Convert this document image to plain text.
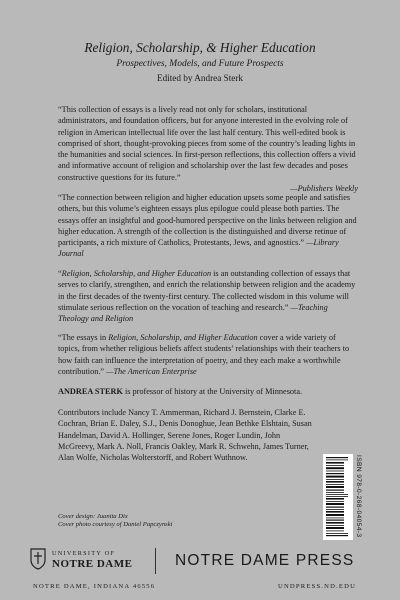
Religion, Scholarship, & Higher Education
Prospectives, Models, and Future Prospects
Edited by Andrea Sterk

“This collection of essays is a lively read not only for scholars, institutional administrators, and foundation officers, but for anyone interested in the evolving role of religion in American intellectual life over the last half century. This well-edited book is comprised of short, thought-provoking pieces from some of the country’s leading lights in the humanities and social sciences. In first-person reflections, this collection offers a vivid and informative account of religion and scholarship over the last few decades and poses constructive questions for its future.”

—Publishers Weekly

“The connection between religion and higher education upsets some people and satisfies others, but this volume’s eighteen essays plus epilogue could please both parties. The essays offer an insightful and good-humored perspective on the links between religion and higher education. A strength of the collection is the distinguished and diverse retinue of participants, a rich mixture of Catholics, Protestants, Jews, and agnostics.” —Library Journal

“Religion, Scholarship, and Higher Education is an outstanding collection of essays that serves to clarify, strengthen, and enrich the relationship between religion and the academy in the first decades of the twenty-first century. The collected wisdom in this volume will stimulate serious reflection on the vocation of teaching and research.” —Teaching Theology and Religion

“The essays in Religion, Scholarship, and Higher Education cover a wide variety of topics, from whether religious beliefs affect students’ relationships with their teachers to how faith can influence the interpretation of poetry, and they each make a worthwhile contribution.” —The American Enterprise

ANDREA STERK is professor of history at the University of Minnesota.

Contributors include Nancy T. Ammerman, Richard J. Bernstein, Clarke E. Cochran, Brian E. Daley, S.J., Denis Donoghue, Jean Bethke Elshtain, Susan Handelman, David A. Hollinger, Serene Jones, Roger Lundin, John McGreevy, Mark A. Noll, Francis Oakley, Mark R. Schwehn, James Turner, Alan Wolfe, Nicholas Wolterstorff, and Robert Wuthnow.

Cover design: Juanita Dix
Cover photo courtesy of Daniel Papczynski	ISBN 978-0-268-04054-3
UNIVERSITY OF
NOTRE DAME	NOTRE DAME PRESS
NOTRE DAME, INDIANA 46556	UNDPRESS.ND.EDU
